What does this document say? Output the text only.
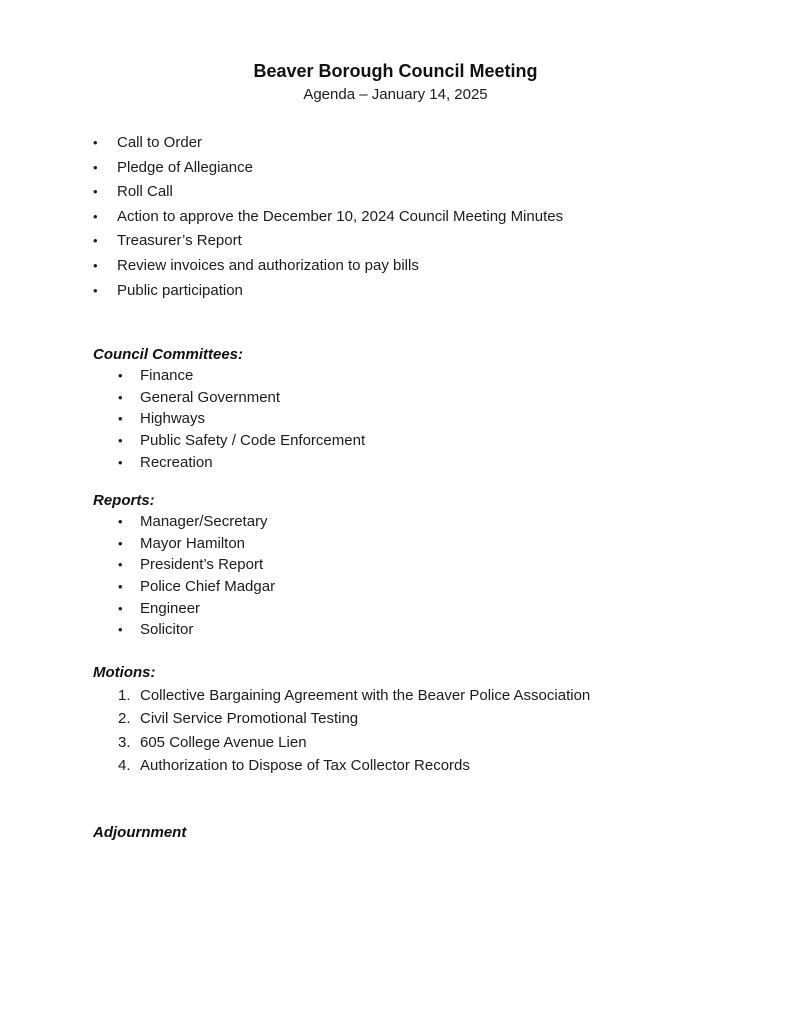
Beaver Borough Council Meeting

Agenda – January 14, 2025

•	Call to Order
•	Pledge of Allegiance
•	Roll Call
•	Action to approve the December 10, 2024 Council Meeting Minutes
•	Treasurer’s Report
•	Review invoices and authorization to pay bills
•	Public participation

Council Committees:

•	Finance
•	General Government
•	Highways
•	Public Safety / Code Enforcement
•	Recreation

Reports:

•	Manager/Secretary
•	Mayor Hamilton
•	President’s Report
•	Police Chief Madgar
•	Engineer
•	Solicitor

Motions:

1. Collective Bargaining Agreement with the Beaver Police Association
2. Civil Service Promotional Testing
3. 605 College Avenue Lien
4. Authorization to Dispose of Tax Collector Records

Adjournment
